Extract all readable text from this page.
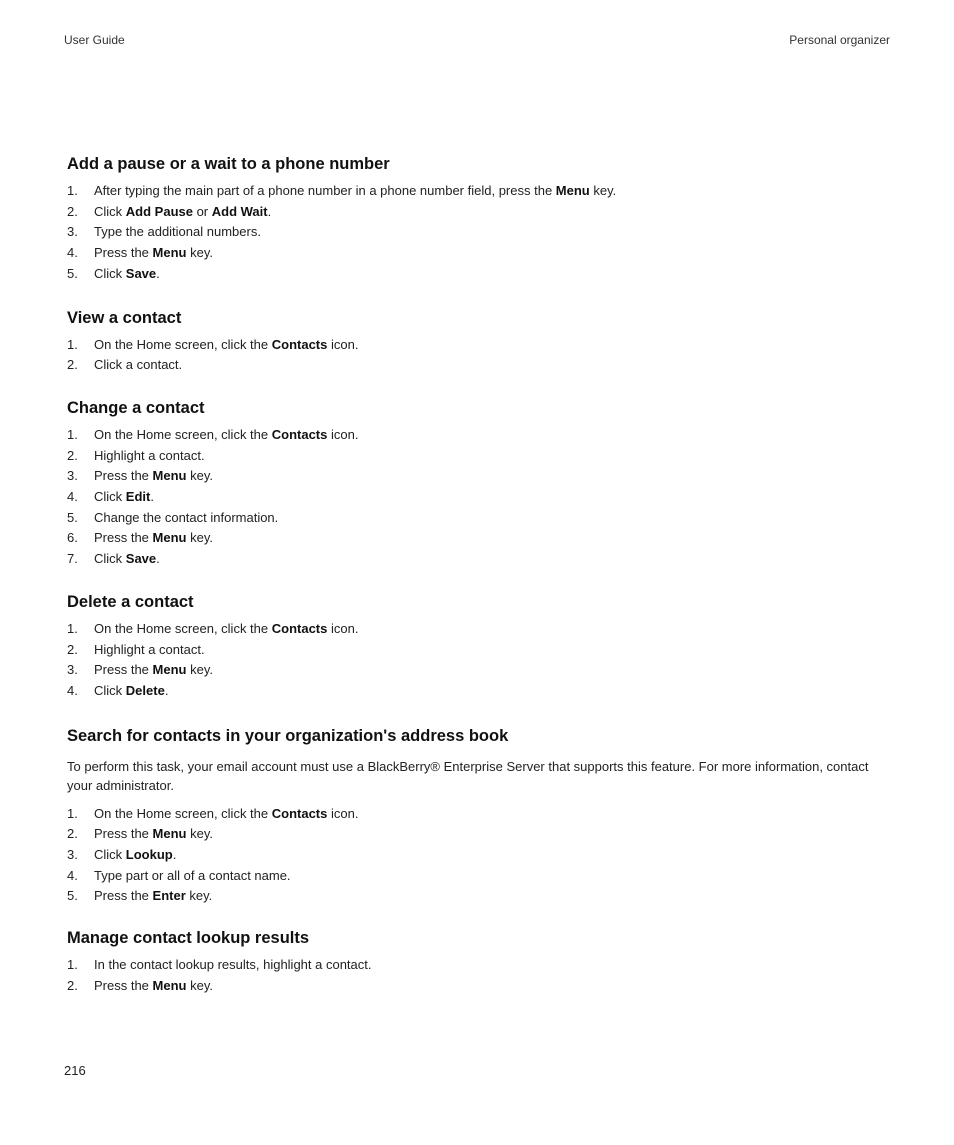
User Guide	Personal organizer
Add a pause or a wait to a phone number
1. After typing the main part of a phone number in a phone number field, press the Menu key.
2. Click Add Pause or Add Wait.
3. Type the additional numbers.
4. Press the Menu key.
5. Click Save.
View a contact
1. On the Home screen, click the Contacts icon.
2. Click a contact.
Change a contact
1. On the Home screen, click the Contacts icon.
2. Highlight a contact.
3. Press the Menu key.
4. Click Edit.
5. Change the contact information.
6. Press the Menu key.
7. Click Save.
Delete a contact
1. On the Home screen, click the Contacts icon.
2. Highlight a contact.
3. Press the Menu key.
4. Click Delete.
Search for contacts in your organization's address book

To perform this task, your email account must use a BlackBerry® Enterprise Server that supports this feature. For more information, contact your administrator.

1. On the Home screen, click the Contacts icon.
2. Press the Menu key.
3. Click Lookup.
4. Type part or all of a contact name.
5. Press the Enter key.
Manage contact lookup results
1. In the contact lookup results, highlight a contact.
2. Press the Menu key.
216
